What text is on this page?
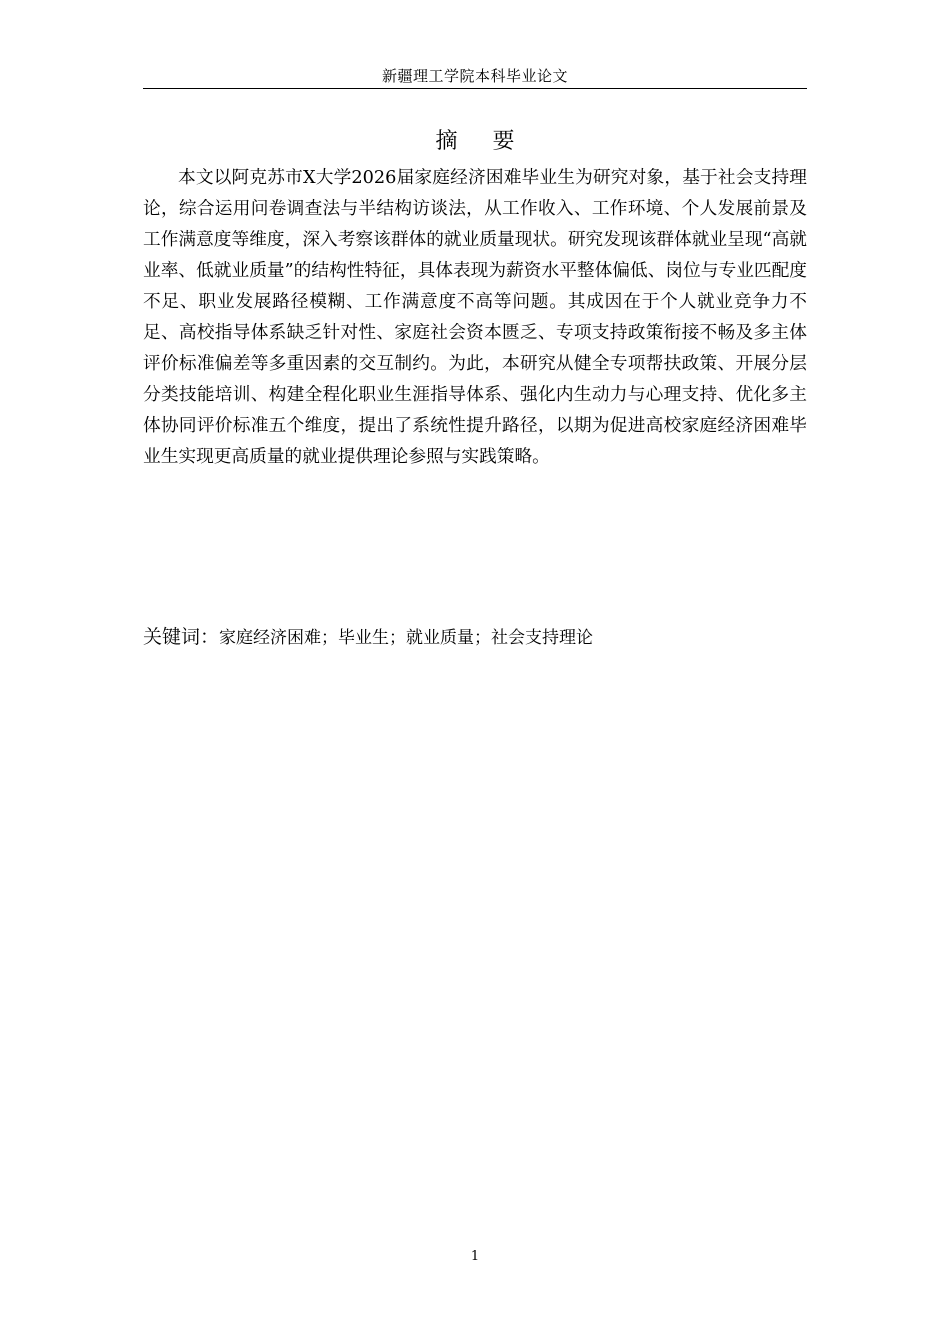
新疆理工学院本科毕业论文
摘 要

本文以阿克苏市X大学2026届家庭经济困难毕业生为研究对象，基于社会支持理论，综合运用问卷调查法与半结构访谈法，从工作收入、工作环境、个人发展前景及工作满意度等维度，深入考察该群体的就业质量现状。研究发现该群体就业呈现“高就业率、低就业质量”的结构性特征，具体表现为薪资水平整体偏低、岗位与专业匹配度不足、职业发展路径模糊、工作满意度不高等问题。其成因在于个人就业竞争力不足、高校指导体系缺乏针对性、家庭社会资本匮乏、专项支持政策衔接不畅及多主体评价标准偏差等多重因素的交互制约。为此，本研究从健全专项帮扶政策、开展分层分类技能培训、构建全程化职业生涯指导体系、强化内生动力与心理支持、优化多主体协同评价标准五个维度，提出了系统性提升路径，以期为促进高校家庭经济困难毕业生实现更高质量的就业提供理论参照与实践策略。

关键词：家庭经济困难；毕业生；就业质量；社会支持理论
1
